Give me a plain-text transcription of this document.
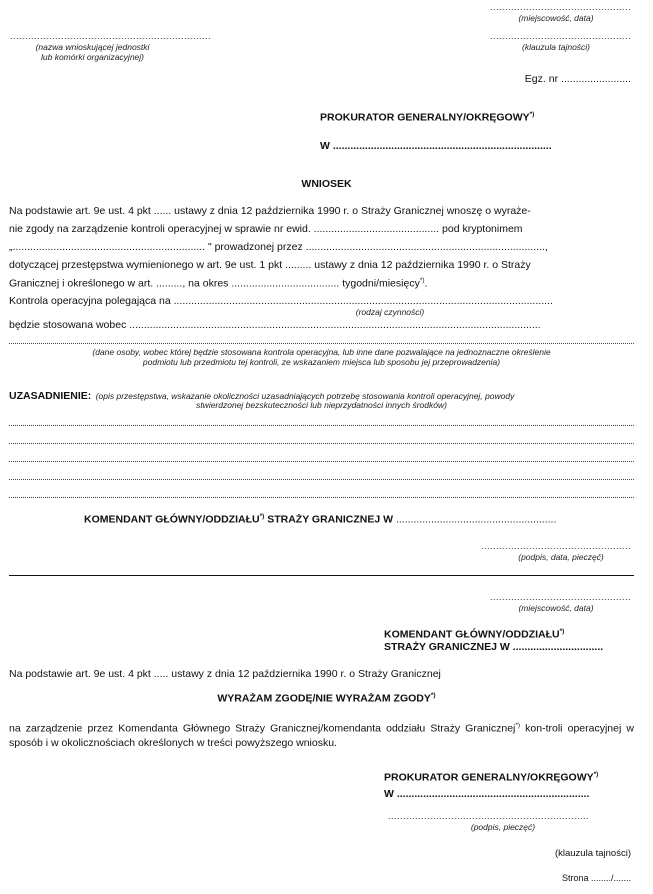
...............................................
(miejscowość, data)
...................................................................
(nazwa wnioskującej jednostki
lub komórki organizacyjnej)
...............................................
(klauzula tajności)
Egz. nr ........................
PROKURATOR GENERALNY/OKRĘGOWY*)
W ...........................................................................
WNIOSEK
Na podstawie art. 9e ust. 4 pkt ...... ustawy z dnia 12 października 1990 r. o Straży Granicznej wnoszę o wyraże-
nie zgody na zarządzenie kontroli operacyjnej w sprawie nr ewid. ........................................... pod kryptonimem
„.................................................................. " prowadzonej przez ..................................................................................,
dotyczącej przestępstwa wymienionego w art. 9e ust. 1 pkt ......... ustawy z dnia 12 października 1990 r. o Straży
Granicznej i określonego w art. ........., na okres ..................................... tygodni/miesięcy*).
Kontrola operacyjna polegająca na ..................................................................................................................................
(rodzaj czynności)
będzie stosowana wobec .............................................................................................................................................
(dane osoby, wobec której będzie stosowana kontrola operacyjna, lub inne dane pozwalające na jednoznaczne określenie
podmiotu lub przedmiotu tej kontroli, ze wskazaniem miejsca lub sposobu jej przeprowadzenia)
UZASADNIENIE: (opis przestępstwa, wskazanie okoliczności uzasadniających potrzebę stosowania kontroli operacyjnej, powody
stwierdzonej bezskuteczności lub nieprzydatności innych środków)
KOMENDANT GŁÓWNY/ODDZIAŁU*) STRAŻY GRANICZNEJ W .......................................................
..................................................
(podpis, data, pieczęć)
...............................................
(miejscowość, data)
KOMENDANT GŁÓWNY/ODDZIAŁU*)
STRAŻY GRANICZNEJ W ...............................
Na podstawie art. 9e ust. 4 pkt ..... ustawy z dnia 12 października 1990 r. o Straży Granicznej
WYRAŻAM ZGODĘ/NIE WYRAŻAM ZGODY*)
na zarządzenie przez Komendanta Głównego Straży Granicznej/komendanta oddziału Straży Granicznej*) kon-troli operacyjnej w sposób i w okolicznościach określonych w treści powyższego wniosku.
PROKURATOR GENERALNY/OKRĘGOWY*)
W ..................................................................
...................................................................
(podpis, pieczęć)
(klauzula tajności)
Strona ......../.......
